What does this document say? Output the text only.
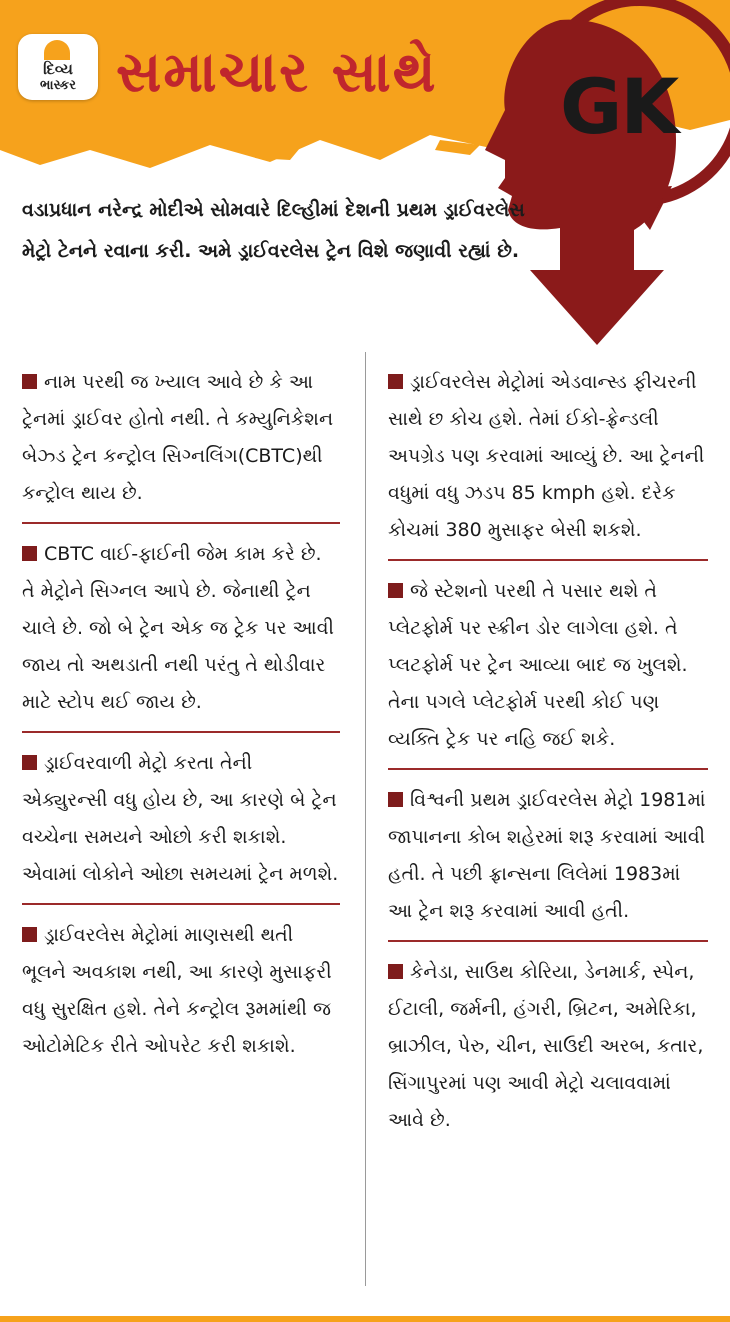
દિવ્ય
ભાસ્કર સમાચાર સાથે GK
વડાપ્રધાન નરેન્દ્ર મોદીએ સોમવારે દિલ્હીમાં દેશની પ્રથમ ડ્રાઈવરલેસ મેટ્રો ટેનને રવાના કરી. અમે ડ્રાઈવરલેસ ટ્રેન વિશે જણાવી રહ્યાં છે.
નામ પરથી જ ખ્યાલ આવે છે કે આ ટ્રેનમાં ડ્રાઈવર હોતો નથી. તે કમ્યુનિકેશન બેઝ્ડ ટ્રેન કન્ટ્રોલ સિગ્નલિંગ(CBTC)થી કન્ટ્રોલ થાય છે.
CBTC વાઈ-ફાઈની જેમ કામ કરે છે. તે મેટ્રોને સિગ્નલ આપે છે. જેનાથી ટ્રેન ચાલે છે. જો બે ટ્રેન એક જ ટ્રેક પર આવી જાય તો અથડાતી નથી પરંતુ તે થોડીવાર માટે સ્ટોપ થઈ જાય છે.
ડ્રાઈવરવાળી મેટ્રો કરતા તેની એક્યુરન્સી વધુ હોય છે, આ કારણે બે ટ્રેન વચ્ચેના સમયને ઓછો કરી શકાશે. એવામાં લોકોને ઓછા સમયમાં ટ્રેન મળશે.
ડ્રાઈવરલેસ મેટ્રોમાં માણસથી થતી ભૂલને અવકાશ નથી, આ કારણે મુસાફરી વધુ સુરક્ષિત હશે. તેને કન્ટ્રોલ રૂમમાંથી જ ઓટોમેટિક રીતે ઓપરેટ કરી શકાશે.
ડ્રાઈવરલેસ મેટ્રોમાં એડવાન્સ્ડ ફીચરની સાથે છ કોચ હશે. તેમાં ઈકો-ફ્રેન્ડલી અપગ્રેડ પણ કરવામાં આવ્યું છે. આ ટ્રેનની વધુમાં વધુ ઝડપ 85 kmph હશે. દરેક કોચમાં 380 મુસાફર બેસી શકશે.
જે સ્ટેશનો પરથી તે પસાર થશે તે પ્લેટફોર્મ પર સ્ક્રીન ડોર લાગેલા હશે. તે પ્લટફોર્મ પર ટ્રેન આવ્યા બાદ જ ખુલશે. તેના પગલે પ્લેટફોર્મ પરથી કોઈ પણ વ્યક્તિ ટ્રેક પર નહિ જઈ શકે.
વિશ્વની પ્રથમ ડ્રાઈવરલેસ મેટ્રો 1981માં જાપાનના કોબ શહેરમાં શરૂ કરવામાં આવી હતી. તે પછી ફ્રાન્સના લિલેમાં 1983માં આ ટ્રેન શરૂ કરવામાં આવી હતી.
કેનેડા, સાઉથ કોરિયા, ડેનમાર્ક, સ્પેન, ઈટાલી, જર્મની, હંગરી, બ્રિટન, અમેરિકા, બ્રાઝીલ, પેરુ, ચીન, સાઉદી અરબ, કતાર, સિંગાપુરમાં પણ આવી મેટ્રો ચલાવવામાં આવે છે.
